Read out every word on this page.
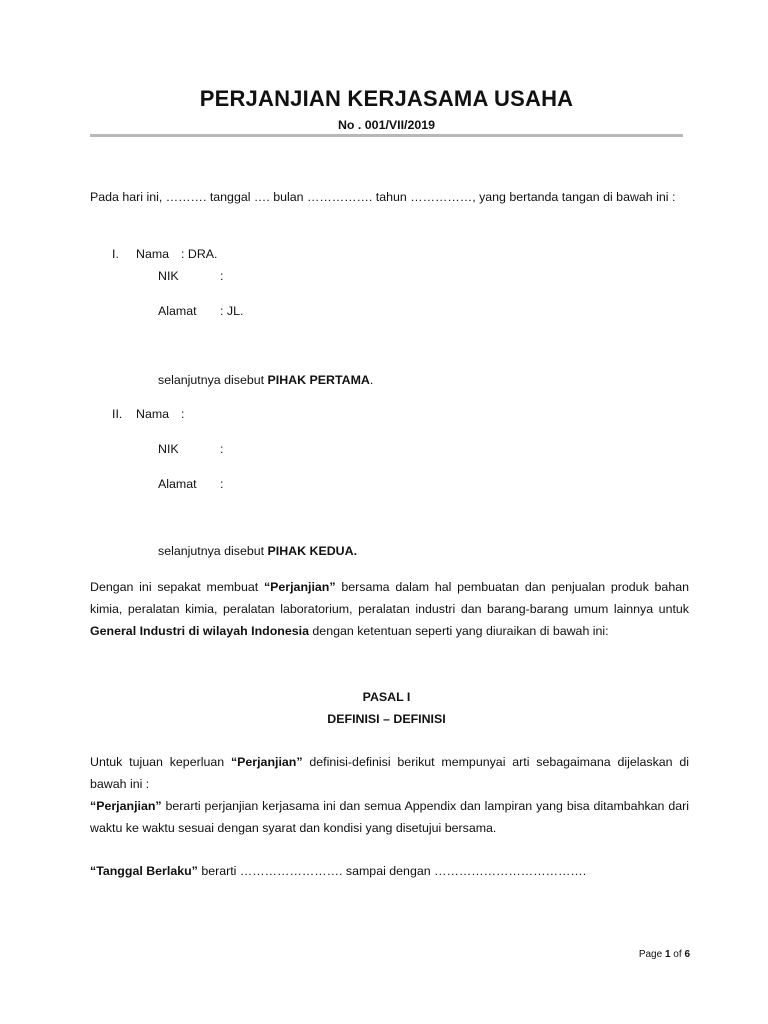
PERJANJIAN KERJASAMA USAHA
No . 001/VII/2019
Pada hari ini, ………. tanggal …. bulan ……………. tahun ……………, yang bertanda tangan di bawah ini :
I. Nama : DRA.
NIK	:
Alamat : JL.
selanjutnya disebut PIHAK PERTAMA.
II. Nama :
NIK	:
Alamat :
selanjutnya disebut PIHAK KEDUA.
Dengan ini sepakat membuat “Perjanjian” bersama dalam hal pembuatan dan penjualan produk bahan kimia, peralatan kimia, peralatan laboratorium, peralatan industri dan barang-barang umum lainnya untuk General Industri di wilayah Indonesia dengan ketentuan seperti yang diuraikan di bawah ini:
PASAL I
DEFINISI – DEFINISI
Untuk tujuan keperluan “Perjanjian” definisi-definisi berikut mempunyai arti sebagaimana dijelaskan di bawah ini :
“Perjanjian” berarti perjanjian kerjasama ini dan semua Appendix dan lampiran yang bisa ditambahkan dari waktu ke waktu sesuai dengan syarat dan kondisi yang disetujui bersama.
“Tanggal Berlaku” berarti ……………………. sampai dengan ……………………………….
Page 1 of 6
